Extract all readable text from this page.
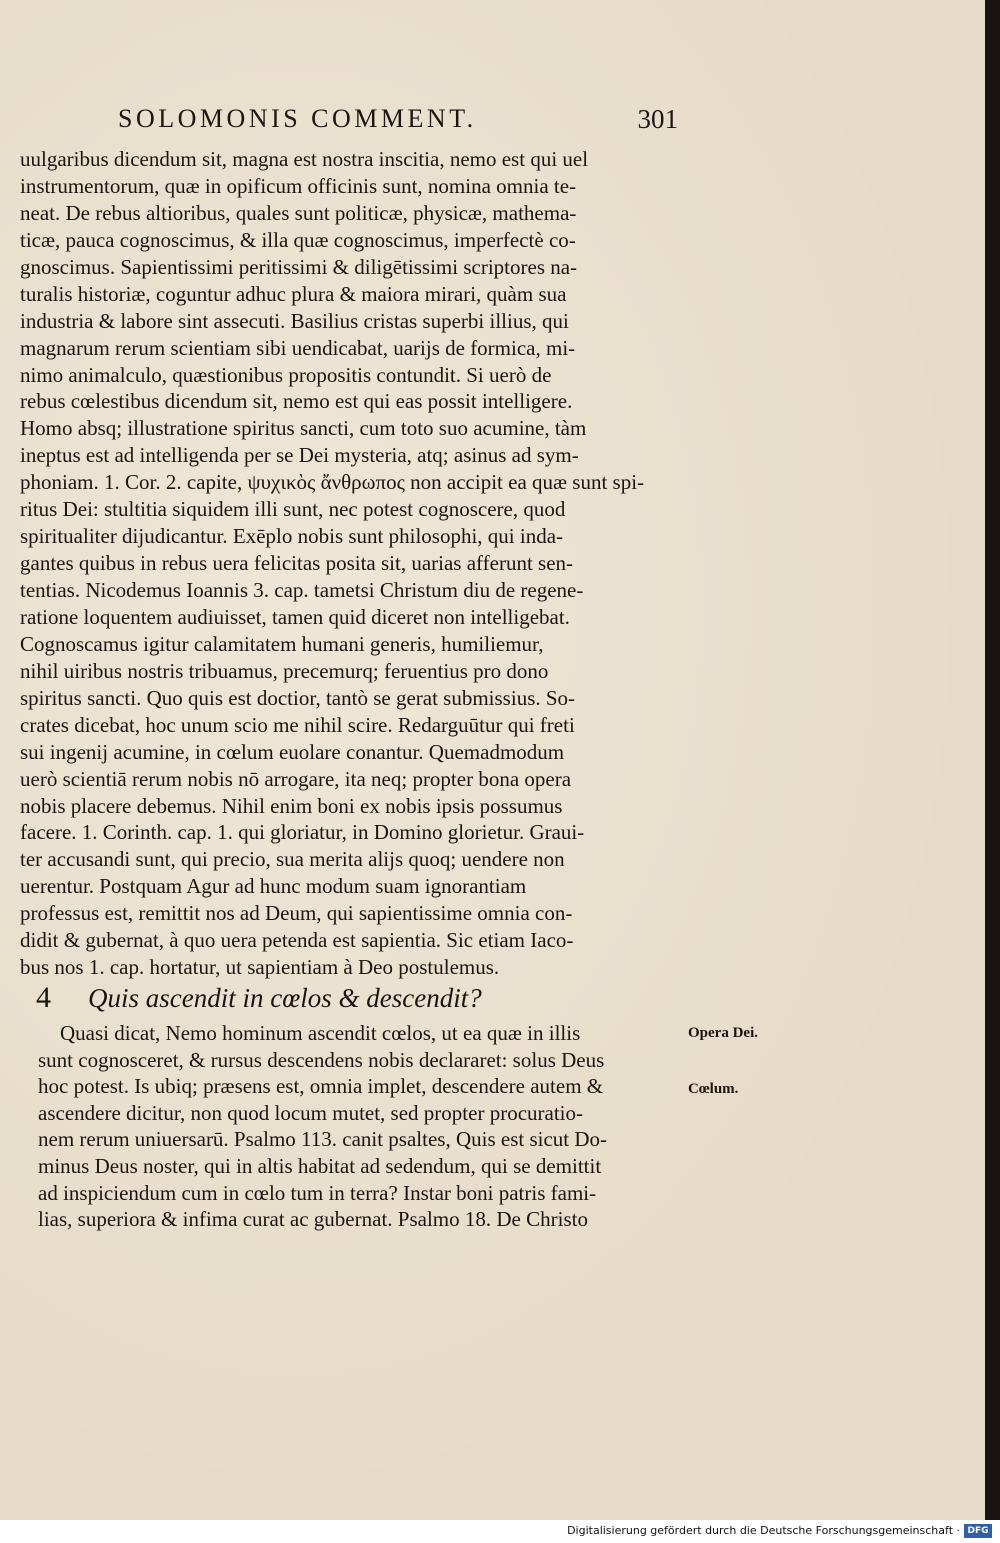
SOLOMONIS COMMENT.	301
uulgaribus dicendum sit, magna est nostra inscitia, nemo est qui uel
instrumentorum, quæ in opificum officinis sunt, nomina omnia te-
neat. De rebus altioribus, quales sunt politicæ, physicæ, mathema-
ticæ, pauca cognoscimus, & illa quæ cognoscimus, imperfectè co-
gnoscimus. Sapientissimi peritissimi & diligētissimi scriptores na-
turalis historiæ, coguntur adhuc plura & maiora mirari, quàm sua
industria & labore sint assecuti. Basilius cristas superbi illius, qui
magnarum rerum scientiam sibi uendicabat, uarijs de formica, mi-
nimo animalculo, quæstionibus propositis contundit. Si uerò de
rebus cœlestibus dicendum sit, nemo est qui eas possit intelligere.
Homo absq; illustratione spiritus sancti, cum toto suo acumine, tàm
ineptus est ad intelligenda per se Dei mysteria, atq; asinus ad sym-
phoniam. 1. Cor. 2. capite, ψυχικὸς ἄνθρωπος non accipit ea quæ sunt spi-
ritus Dei: stultitia siquidem illi sunt, nec potest cognoscere, quod
spiritualiter dijudicantur. Exēplo nobis sunt philosophi, qui inda-
gantes quibus in rebus uera felicitas posita sit, uarias afferunt sen-
tentias. Nicodemus Ioannis 3. cap. tametsi Christum diu de regene-
ratione loquentem audiuisset, tamen quid diceret non intelligebat.
Cognoscamus igitur calamitatem humani generis, humiliemur,
nihil uiribus nostris tribuamus, precemurq; feruentius pro dono
spiritus sancti. Quo quis est doctior, tantò se gerat submissius. So-
crates dicebat, hoc unum scio me nihil scire. Redarguūtur qui freti
sui ingenij acumine, in cœlum euolare conantur. Quemadmodum
uerò scientiā rerum nobis nō arrogare, ita neq; propter bona opera
nobis placere debemus. Nihil enim boni ex nobis ipsis possumus
facere. 1. Corinth. cap. 1. qui gloriatur, in Domino glorietur. Graui-
ter accusandi sunt, qui precio, sua merita alijs quoq; uendere non
uerentur. Postquam Agur ad hunc modum suam ignorantiam
professus est, remittit nos ad Deum, qui sapientissime omnia con-
didit & gubernat, à quo uera petenda est sapientia. Sic etiam Iaco-
bus nos 1. cap. hortatur, ut sapientiam à Deo postulemus.
4 Quis ascendit in cœlos & descendit?
Quasi dicat, Nemo hominum ascendit cœlos, ut ea quæ in illis
sunt cognosceret, & rursus descendens nobis declararet: solus Deus
hoc potest. Is ubiq; præsens est, omnia implet, descendere autem &
ascendere dicitur, non quod locum mutet, sed propter procuratio-
nem rerum uniuersarū. Psalmo 113. canit psaltes, Quis est sicut Do-
minus Deus noster, qui in altis habitat ad sedendum, qui se demittit
ad inspiciendum cum in cœlo tum in terra? Instar boni patris fami-
lias, superiora & infima curat ac gubernat. Psalmo 18. De Christo
Opera Dei.
Cœlum.
Digitalisierung gefördert durch die Deutsche Forschungsgemeinschaft · DFG
